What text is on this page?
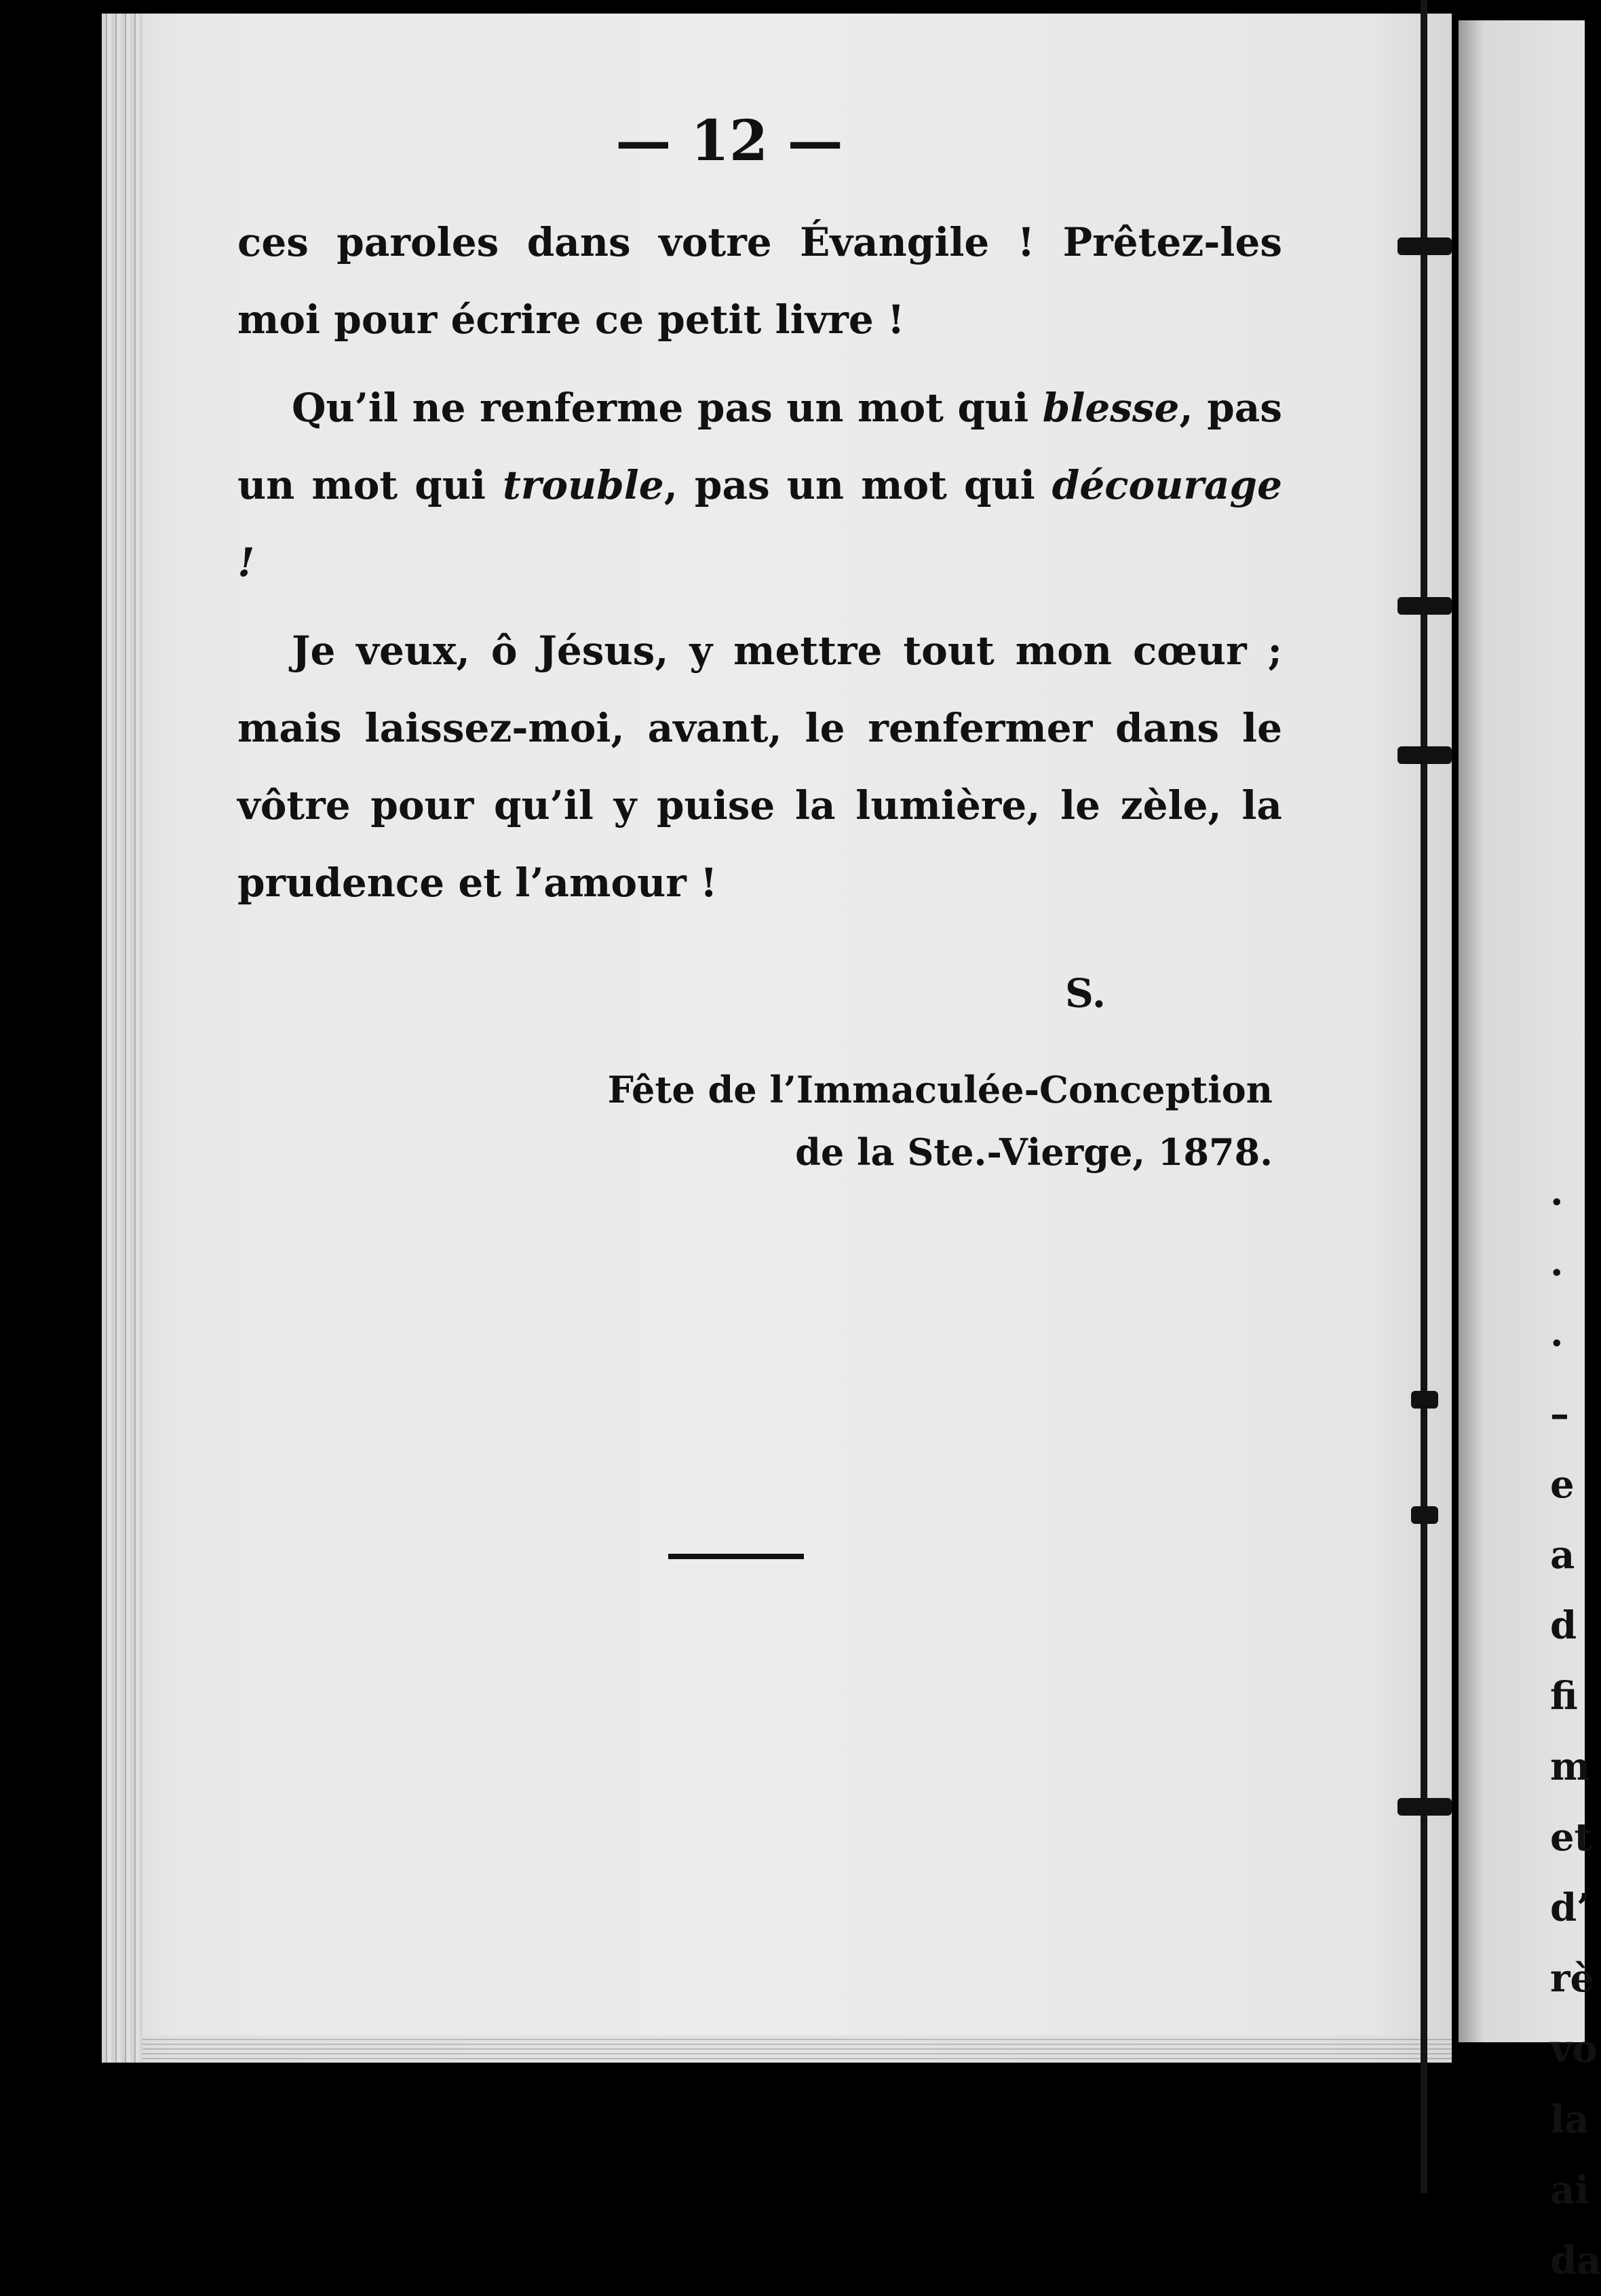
— 12 —

ces paroles dans votre Évangile ! Prêtez-les moi pour écrire ce petit livre !

Qu’il ne renferme pas un mot qui blesse, pas un mot qui trouble, pas un mot qui décourage !

Je veux, ô Jésus, y mettre tout mon cœur ; mais laissez-moi, avant, le renfermer dans le vôtre pour qu’il y puise la lumière, le zèle, la prudence et l’amour !

S.
Fête de l’Immaculée-Conception
de la Ste.-Vierge, 1878.
·
·
·
–
e
a
d
fi
m
et
d’
rè
vo
la
ai
da
